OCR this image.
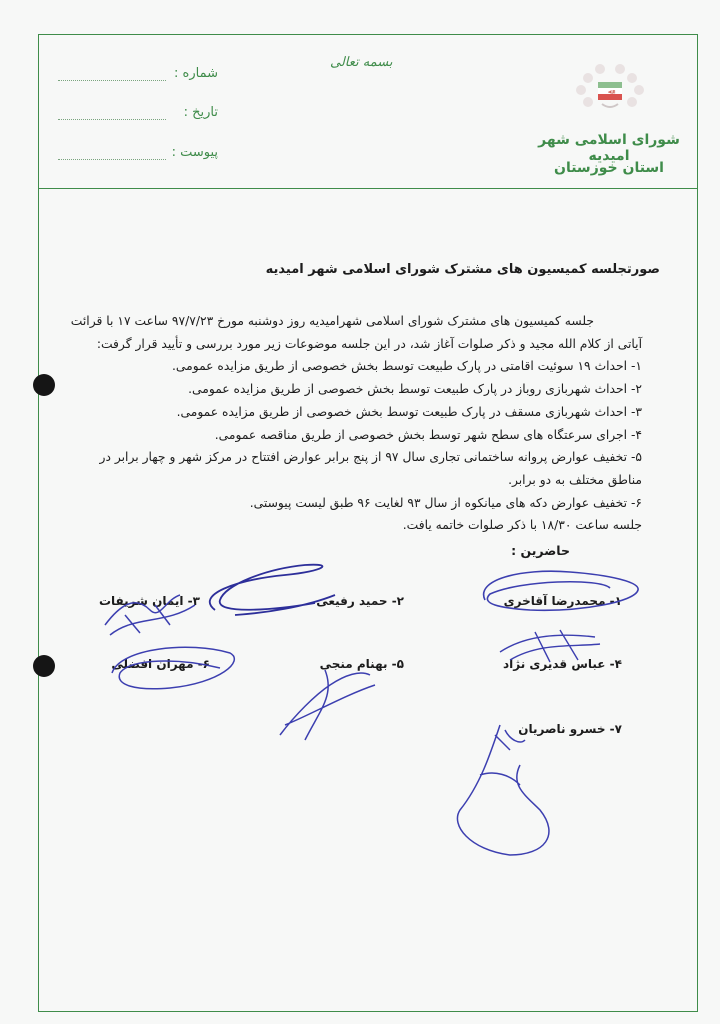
شماره :
تاریخ :
پیوست :
بسمه تعالی
ﷲ
شورای اسلامی شهر امیدیه
استان خوزستان
صورتجلسه کمیسیون های مشترک شورای اسلامی شهر امیدیه

جلسه کمیسیون های مشترک شورای اسلامی شهرامیدیه روز دوشنبه مورخ ۹۷/۷/۲۳ ساعت ۱۷ با قرائت

آیاتی از کلام الله مجید و ذکر صلوات آغاز شد، در این جلسه موضوعات زیر مورد بررسی و تأیید قرار گرفت:

۱- احداث ۱۹ سوئیت اقامتی در پارک طبیعت توسط بخش خصوصی از طریق مزایده عمومی.

۲- احداث شهربازی روباز در پارک طبیعت توسط بخش خصوصی از طریق مزایده عمومی.

۳- احداث شهربازی مسقف در پارک طبیعت توسط بخش خصوصی از طریق مزایده عمومی.

۴- اجرای سرعتگاه های سطح شهر توسط بخش خصوصی از طریق مناقصه عمومی.

۵- تخفیف عوارض پروانه ساختمانی تجاری سال ۹۷ از پنج برابر عوارض افتتاح در مرکز شهر و چهار برابر در

مناطق مختلف به دو برابر.

۶- تخفیف عوارض دکه های میانکوه از سال ۹۳ لغایت ۹۶ طبق لیست پیوستی.

جلسه ساعت ۱۸/۳۰ با ذکر صلوات خاتمه یافت.

حاضرین :
۱- محمدرضا آقاخری
۲- حمید رفیعی
۳- ایمان شریفات
۴- عباس قدیری نژاد
۵- بهنام منجی
۶- مهران افضلی
۷- خسرو ناصریان
